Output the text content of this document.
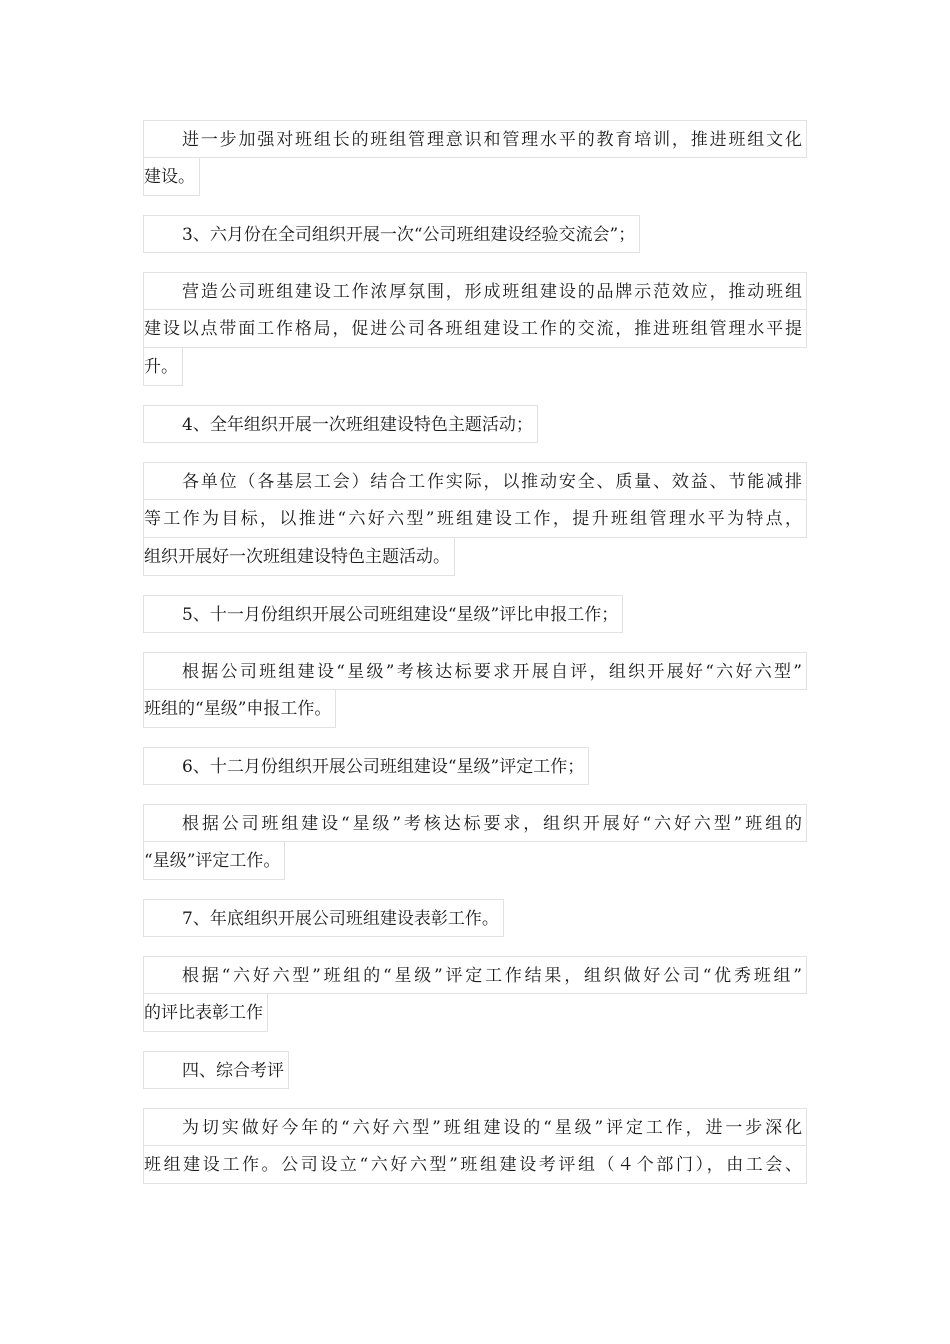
进一步加强对班组长的班组管理意识和管理水平的教育培训，推进班组文化
建设。
3、六月份在全司组织开展一次“公司班组建设经验交流会”；
营造公司班组建设工作浓厚氛围，形成班组建设的品牌示范效应，推动班组
建设以点带面工作格局，促进公司各班组建设工作的交流，推进班组管理水平提
升。
4、全年组织开展一次班组建设特色主题活动；
各单位（各基层工会）结合工作实际，以推动安全、质量、效益、节能减排
等工作为目标，以推进“六好六型”班组建设工作，提升班组管理水平为特点，
组织开展好一次班组建设特色主题活动。
5、十一月份组织开展公司班组建设“星级”评比申报工作；
根据公司班组建设“星级”考核达标要求开展自评，组织开展好“六好六型”
班组的“星级”申报工作。
6、十二月份组织开展公司班组建设“星级”评定工作；
根据公司班组建设“星级”考核达标要求，组织开展好“六好六型”班组的
“星级”评定工作。
7、年底组织开展公司班组建设表彰工作。
根据“六好六型”班组的“星级”评定工作结果，组织做好公司“优秀班组”
的评比表彰工作
四、综合考评
为切实做好今年的“六好六型”班组建设的“星级”评定工作，进一步深化
班组建设工作。公司设立“六好六型”班组建设考评组（４个部门），由工会、
